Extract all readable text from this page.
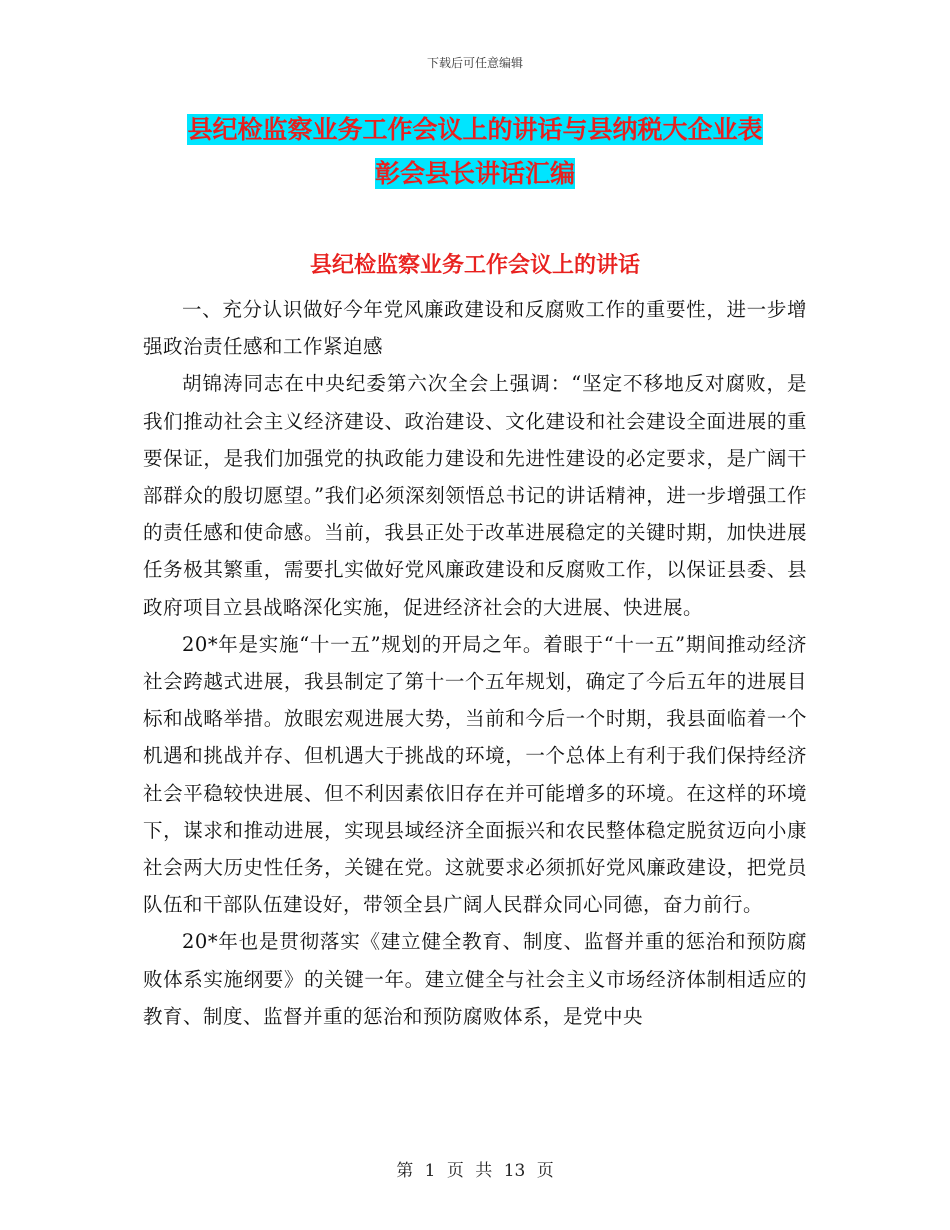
下载后可任意编辑
县纪检监察业务工作会议上的讲话与县纳税大企业表
彰会县长讲话汇编
县纪检监察业务工作会议上的讲话

一、充分认识做好今年党风廉政建设和反腐败工作的重要性，进一步增强政治责任感和工作紧迫感

胡锦涛同志在中央纪委第六次全会上强调：“坚定不移地反对腐败，是我们推动社会主义经济建设、政治建设、文化建设和社会建设全面进展的重要保证，是我们加强党的执政能力建设和先进性建设的必定要求，是广阔干部群众的殷切愿望。”我们必须深刻领悟总书记的讲话精神，进一步增强工作的责任感和使命感。当前，我县正处于改革进展稳定的关键时期，加快进展任务极其繁重，需要扎实做好党风廉政建设和反腐败工作，以保证县委、县政府项目立县战略深化实施，促进经济社会的大进展、快进展。

20*年是实施“十一五”规划的开局之年。着眼于“十一五”期间推动经济社会跨越式进展，我县制定了第十一个五年规划，确定了今后五年的进展目标和战略举措。放眼宏观进展大势，当前和今后一个时期，我县面临着一个机遇和挑战并存、但机遇大于挑战的环境，一个总体上有利于我们保持经济社会平稳较快进展、但不利因素依旧存在并可能增多的环境。在这样的环境下，谋求和推动进展，实现县域经济全面振兴和农民整体稳定脱贫迈向小康社会两大历史性任务，关键在党。这就要求必须抓好党风廉政建设，把党员队伍和干部队伍建设好，带领全县广阔人民群众同心同德，奋力前行。

20*年也是贯彻落实《建立健全教育、制度、监督并重的惩治和预防腐败体系实施纲要》的关键一年。建立健全与社会主义市场经济体制相适应的教育、制度、监督并重的惩治和预防腐败体系，是党中央

第 1 页 共 13 页
